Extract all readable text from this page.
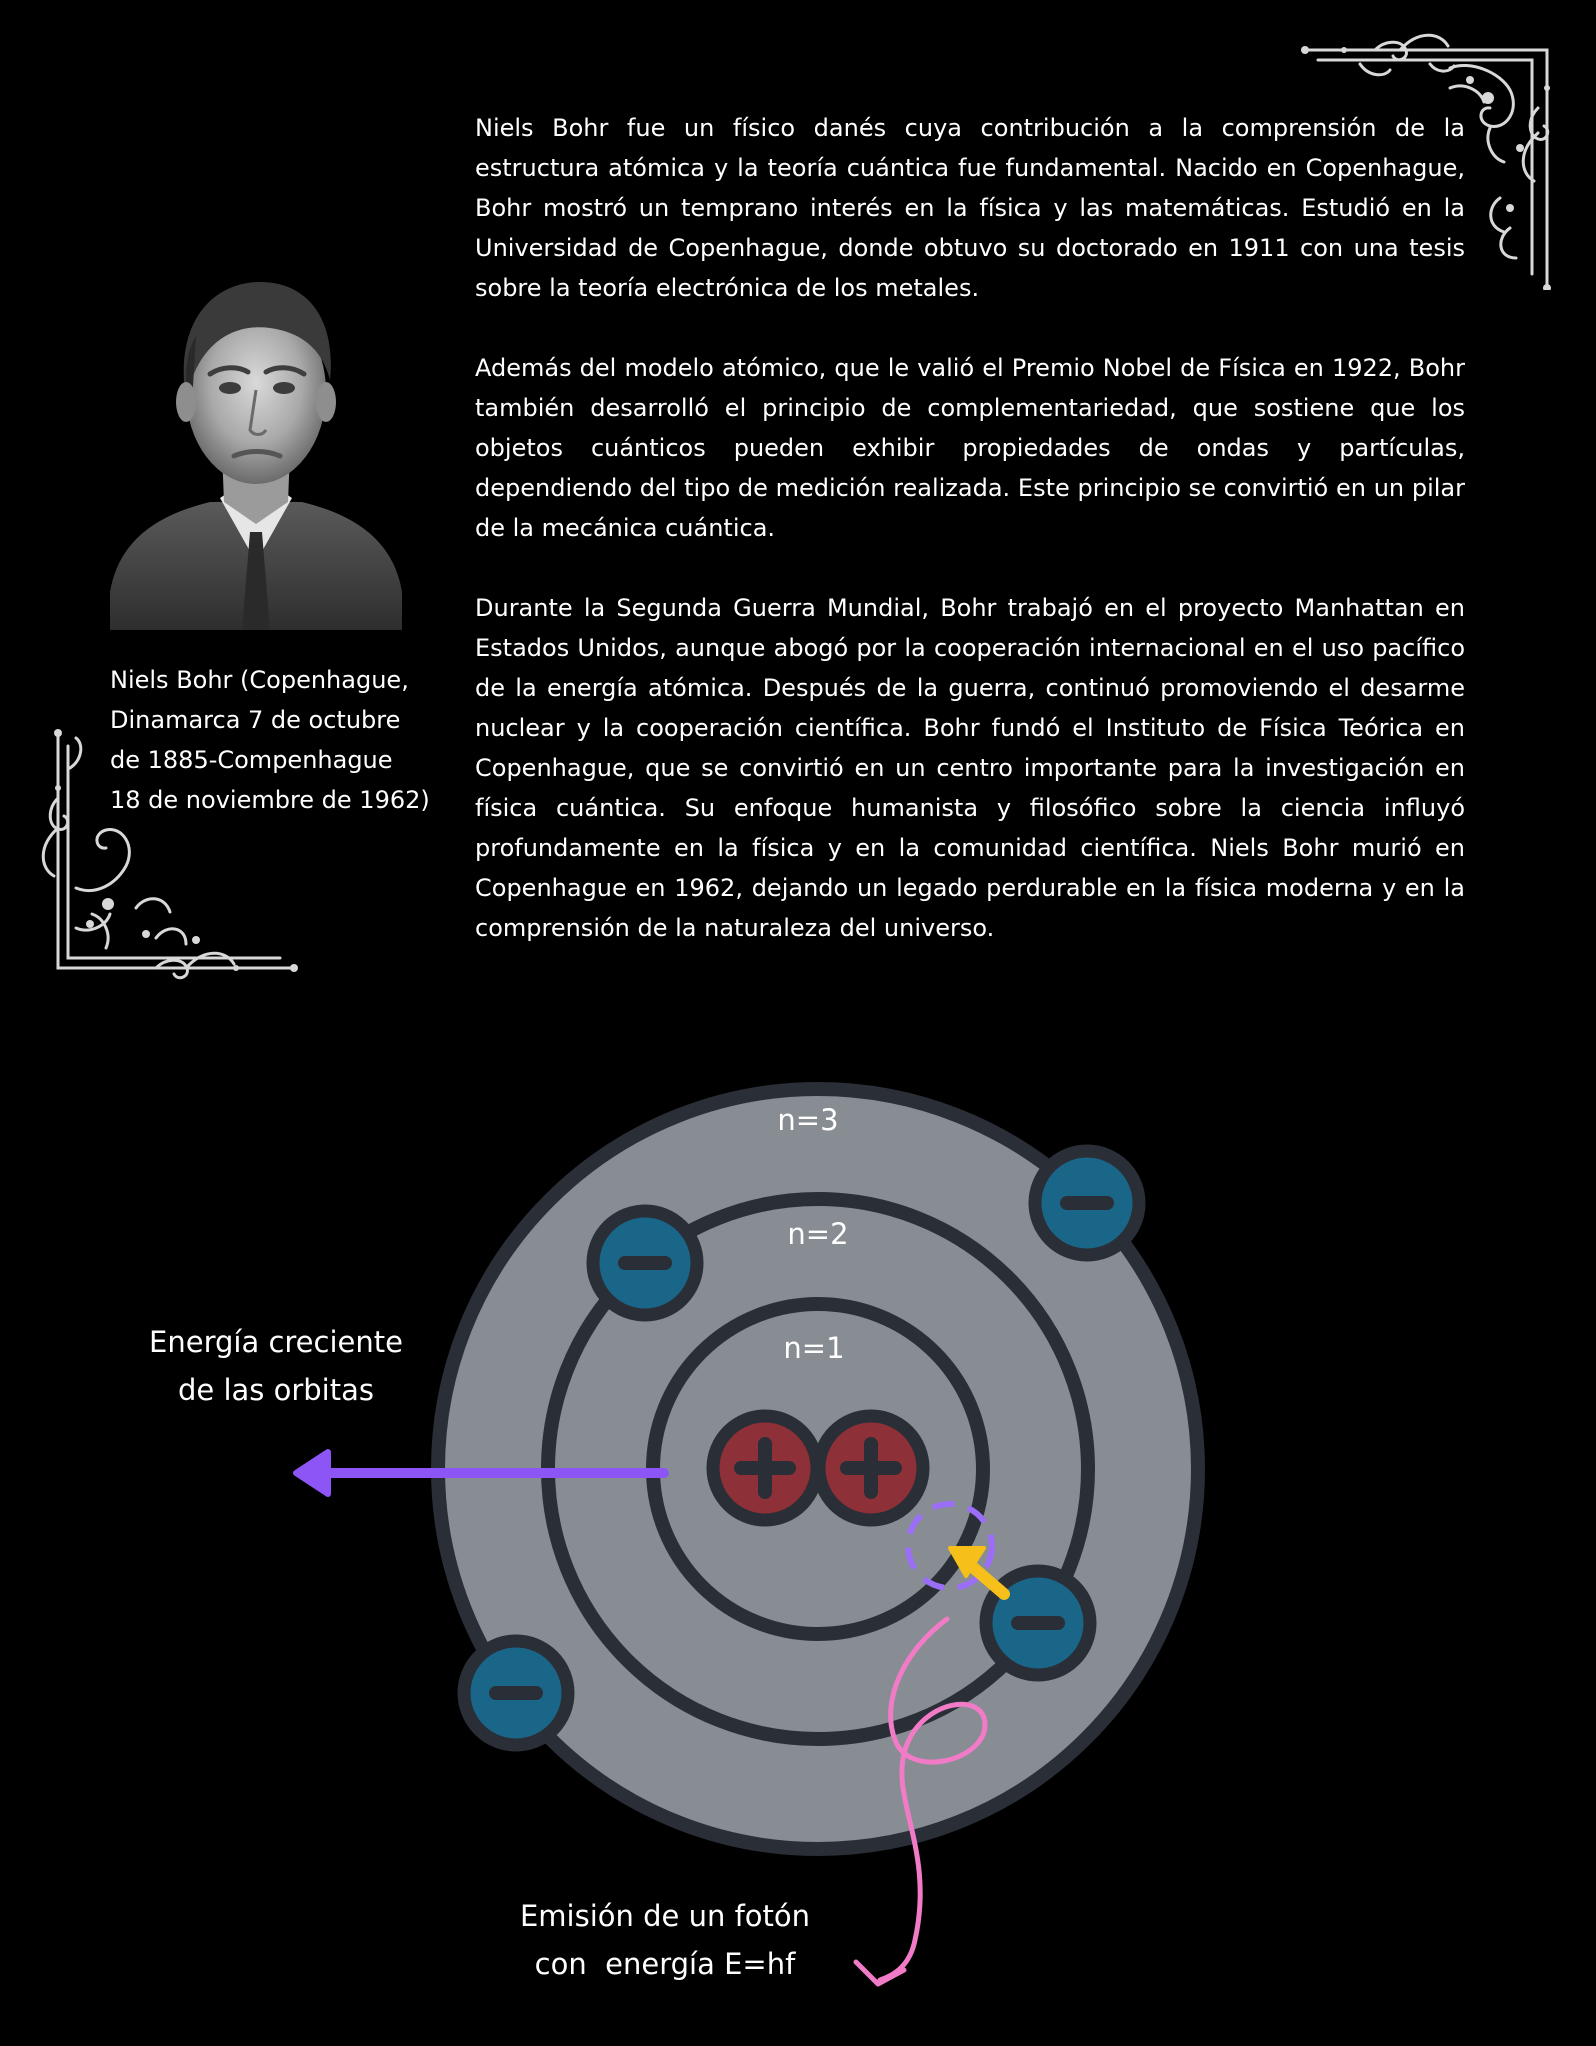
Niels Bohr (Copenhague, Dinamarca 7 de octubre de 1885-Compenhague 18 de noviembre de 1962)

Niels Bohr fue un físico danés cuya contribución a la comprensión de la estructura atómica y la teoría cuántica fue fundamental. Nacido en Copenhague, Bohr mostró un temprano interés en la física y las matemáticas. Estudió en la Universidad de Copenhague, donde obtuvo su doctorado en 1911 con una tesis sobre la teoría electrónica de los metales.

Además del modelo atómico, que le valió el Premio Nobel de Física en 1922, Bohr también desarrolló el principio de complementariedad, que sostiene que los objetos cuánticos pueden exhibir propiedades de ondas y partículas, dependiendo del tipo de medición realizada. Este principio se convirtió en un pilar de la mecánica cuántica.

Durante la Segunda Guerra Mundial, Bohr trabajó en el proyecto Manhattan en Estados Unidos, aunque abogó por la cooperación internacional en el uso pacífico de la energía atómica. Después de la guerra, continuó promoviendo el desarme nuclear y la cooperación científica. Bohr fundó el Instituto de Física Teórica en Copenhague, que se convirtió en un centro importante para la investigación en física cuántica. Su enfoque humanista y filosófico sobre la ciencia influyó profundamente en la física y en la comunidad científica. Niels Bohr murió en Copenhague en 1962, dejando un legado perdurable en la física moderna y en la comprensión de la naturaleza del universo.

n=3
n=2
n=1
Energía creciente de las orbitas
Emisión de un fotón con  energía E=hf
